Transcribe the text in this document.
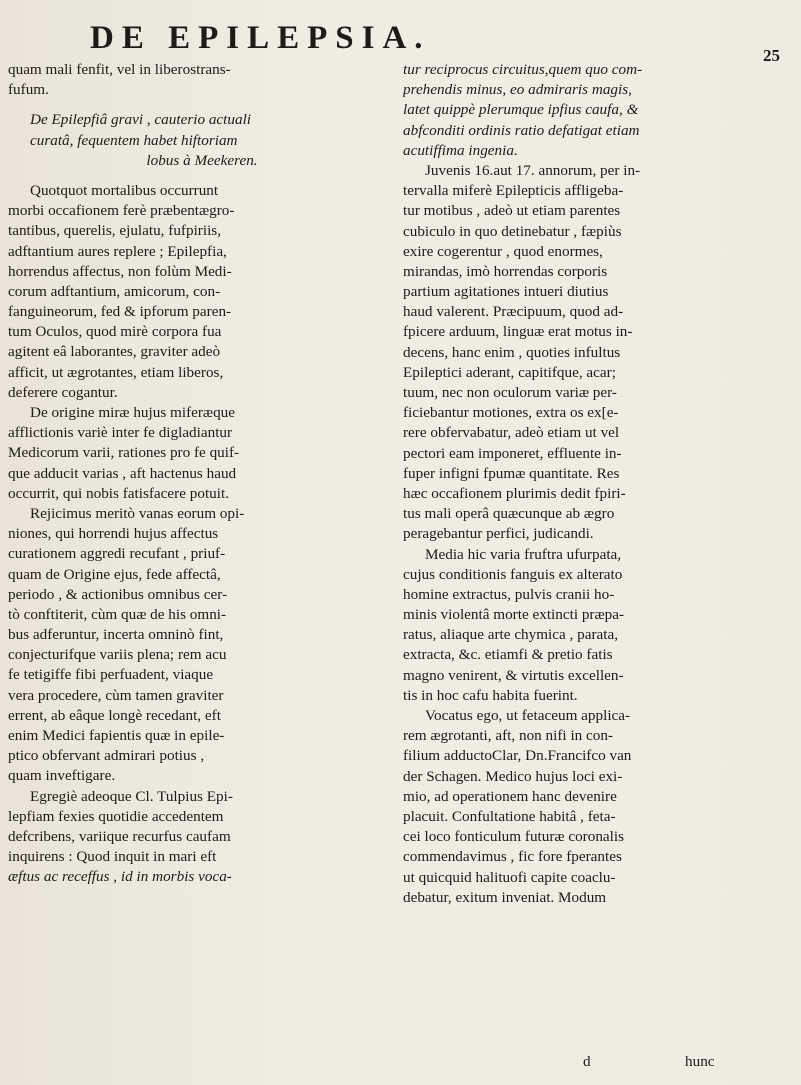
DE EPILEPSIA.	25
quam mali fenfit, vel in liberostrans-
fufum.
De Epilepfiâ gravi , cauterio actuali
curatâ, fequentem habet hiftoriam
lobus à Meekeren.
Quotquot mortalibus occurrunt
morbi occafionem ferè præbentægro-
tantibus, querelis, ejulatu, fufpiriis,
adftantium aures replere ; Epilepfia,
horrendus affectus, non folùm Medi-
corum adftantium, amicorum, con-
fanguineorum, fed & ipforum paren-
tum Oculos, quod mirè corpora fua
agitent eâ laborantes, graviter adeò
afficit, ut ægrotantes, etiam liberos,
deferere cogantur.
De origine miræ hujus miferæque
afflictionis variè inter fe digladiantur
Medicorum varii, rationes pro fe quif-
que adducit varias , aft hactenus haud
occurrit, qui nobis fatisfacere potuit.
Rejicimus meritò vanas eorum opi-
niones, qui horrendi hujus affectus
curationem aggredi recufant , priuf-
quam de Origine ejus, fede affectâ,
periodo , & actionibus omnibus cer-
tò conftiterit, cùm quæ de his omni-
bus adferuntur, incerta omninò fint,
conjecturifque variis plena; rem acu
fe tetigiffe fibi perfuadent, viaque
vera procedere, cùm tamen graviter
errent, ab eâque longè recedant, eft
enim Medici fapientis quæ in epile-
ptico obfervant admirari potius ,
quam inveftigare.
Egregiè adeoque Cl. Tulpius Epi-
lepfiam fexies quotidie accedentem
defcribens, variique recurfus caufam
inquirens : Quod inquit in mari eft
æftus ac receffus , id in morbis voca-
tur reciprocus circuitus,quem quo com-
prehendis minus, eo admiraris magis,
latet quippè plerumque ipfius caufa, &
abfconditi ordinis ratio defatigat etiam
acutiffima ingenia.
Juvenis 16.aut 17. annorum, per in-
tervalla miferè Epilepticis affligeba-
tur motibus , adeò ut etiam parentes
cubiculo in quo detinebatur , fæpiùs
exire cogerentur , quod enormes,
mirandas, imò horrendas corporis
partium agitationes intueri diutius
haud valerent. Præcipuum, quod ad-
fpicere arduum, linguæ erat motus in-
decens, hanc enim , quoties infultus
Epileptici aderant, capitifque, acar;
tuum, nec non oculorum variæ per-
ficiebantur motiones, extra os ex[e-
rere obfervabatur, adeò etiam ut vel
pectori eam imponeret, effluente in-
fuper infigni fpumæ quantitate. Res
hæc occafionem plurimis dedit fpiri-
tus mali operâ quæcunque ab ægro
peragebantur perfici, judicandi.
Media hic varia fruftra ufurpata,
cujus conditionis fanguis ex alterato
homine extractus, pulvis cranii ho-
minis violentâ morte extincti præpa-
ratus, aliaque arte chymica , parata,
extracta, &c. etiamfi & pretio fatis
magno venirent, & virtutis excellen-
tis in hoc cafu habita fuerint.
Vocatus ego, ut fetaceum applica-
rem ægrotanti, aft, non nifi in con-
filium adductoClar, Dn.Francifco van
der Schagen. Medico hujus loci exi-
mio, ad operationem hanc devenire
placuit. Confultatione habitâ , feta-
cei loco fonticulum futuræ coronalis
commendavimus , fic fore fperantes
ut quicquid halituofi capite coaclu-
debatur, exitum inveniat. Modum
d	hunc
